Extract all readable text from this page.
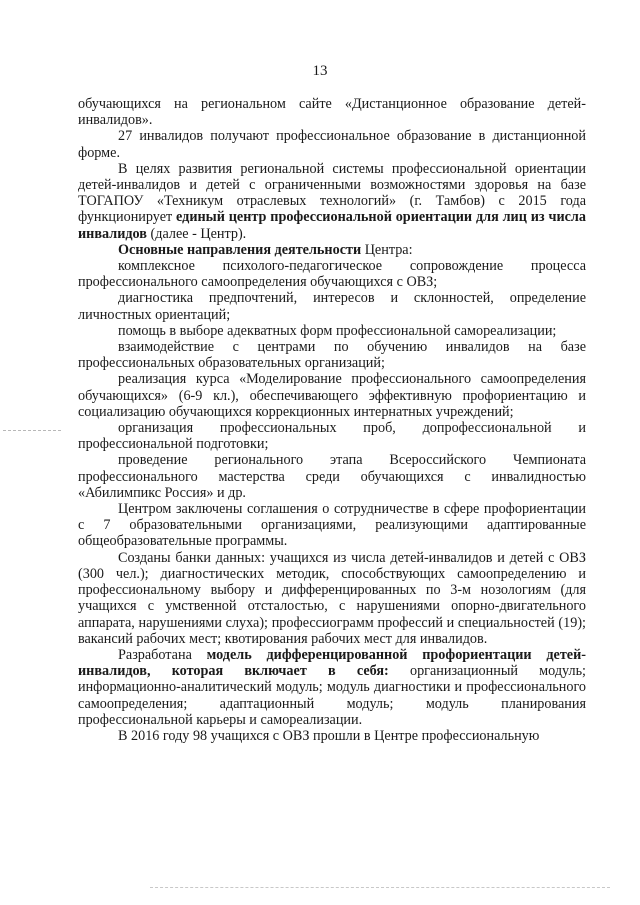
13

обучающихся на региональном сайте «Дистанционное образование детей-инвалидов».

27 инвалидов получают профессиональное образование в дистанционной форме.

В целях развития региональной системы профессиональной ориентации детей-инвалидов и детей с ограниченными возможностями здоровья на базе ТОГАПОУ «Техникум отраслевых технологий» (г. Тамбов) с 2015 года функционирует единый центр профессиональной ориентации для лиц из числа инвалидов (далее - Центр).

Основные направления деятельности Центра:

комплексное психолого-педагогическое сопровождение процесса профессионального самоопределения обучающихся с ОВЗ;

диагностика предпочтений, интересов и склонностей, определение личностных ориентаций;

помощь в выборе адекватных форм профессиональной самореализации;

взаимодействие с центрами по обучению инвалидов на базе профессиональных образовательных организаций;

реализация курса «Моделирование профессионального самоопределения обучающихся» (6-9 кл.), обеспечивающего эффективную профориентацию и социализацию обучающихся коррекционных интернатных учреждений;

организация профессиональных проб, допрофессиональной и профессиональной подготовки;

проведение регионального этапа Всероссийского Чемпионата профессионального мастерства среди обучающихся с инвалидностью «Абилимпикс Россия» и др.

Центром заключены соглашения о сотрудничестве в сфере профориентации с 7 образовательными организациями, реализующими адаптированные общеобразовательные программы.

Созданы банки данных: учащихся из числа детей-инвалидов и детей с ОВЗ (300 чел.); диагностических методик, способствующих самоопределению и профессиональному выбору и дифференцированных по 3-м нозологиям (для учащихся с умственной отсталостью, с нарушениями опорно-двигательного аппарата, нарушениями слуха); профессиограмм профессий и специальностей (19); вакансий рабочих мест; квотирования рабочих мест для инвалидов.

Разработана модель дифференцированной профориентации детей-инвалидов, которая включает в себя: организационный модуль; информационно-аналитический модуль; модуль диагностики и профессионального самоопределения; адаптационный модуль; модуль планирования профессиональной карьеры и самореализации.

В 2016 году 98 учащихся с ОВЗ прошли в Центре профессиональную
